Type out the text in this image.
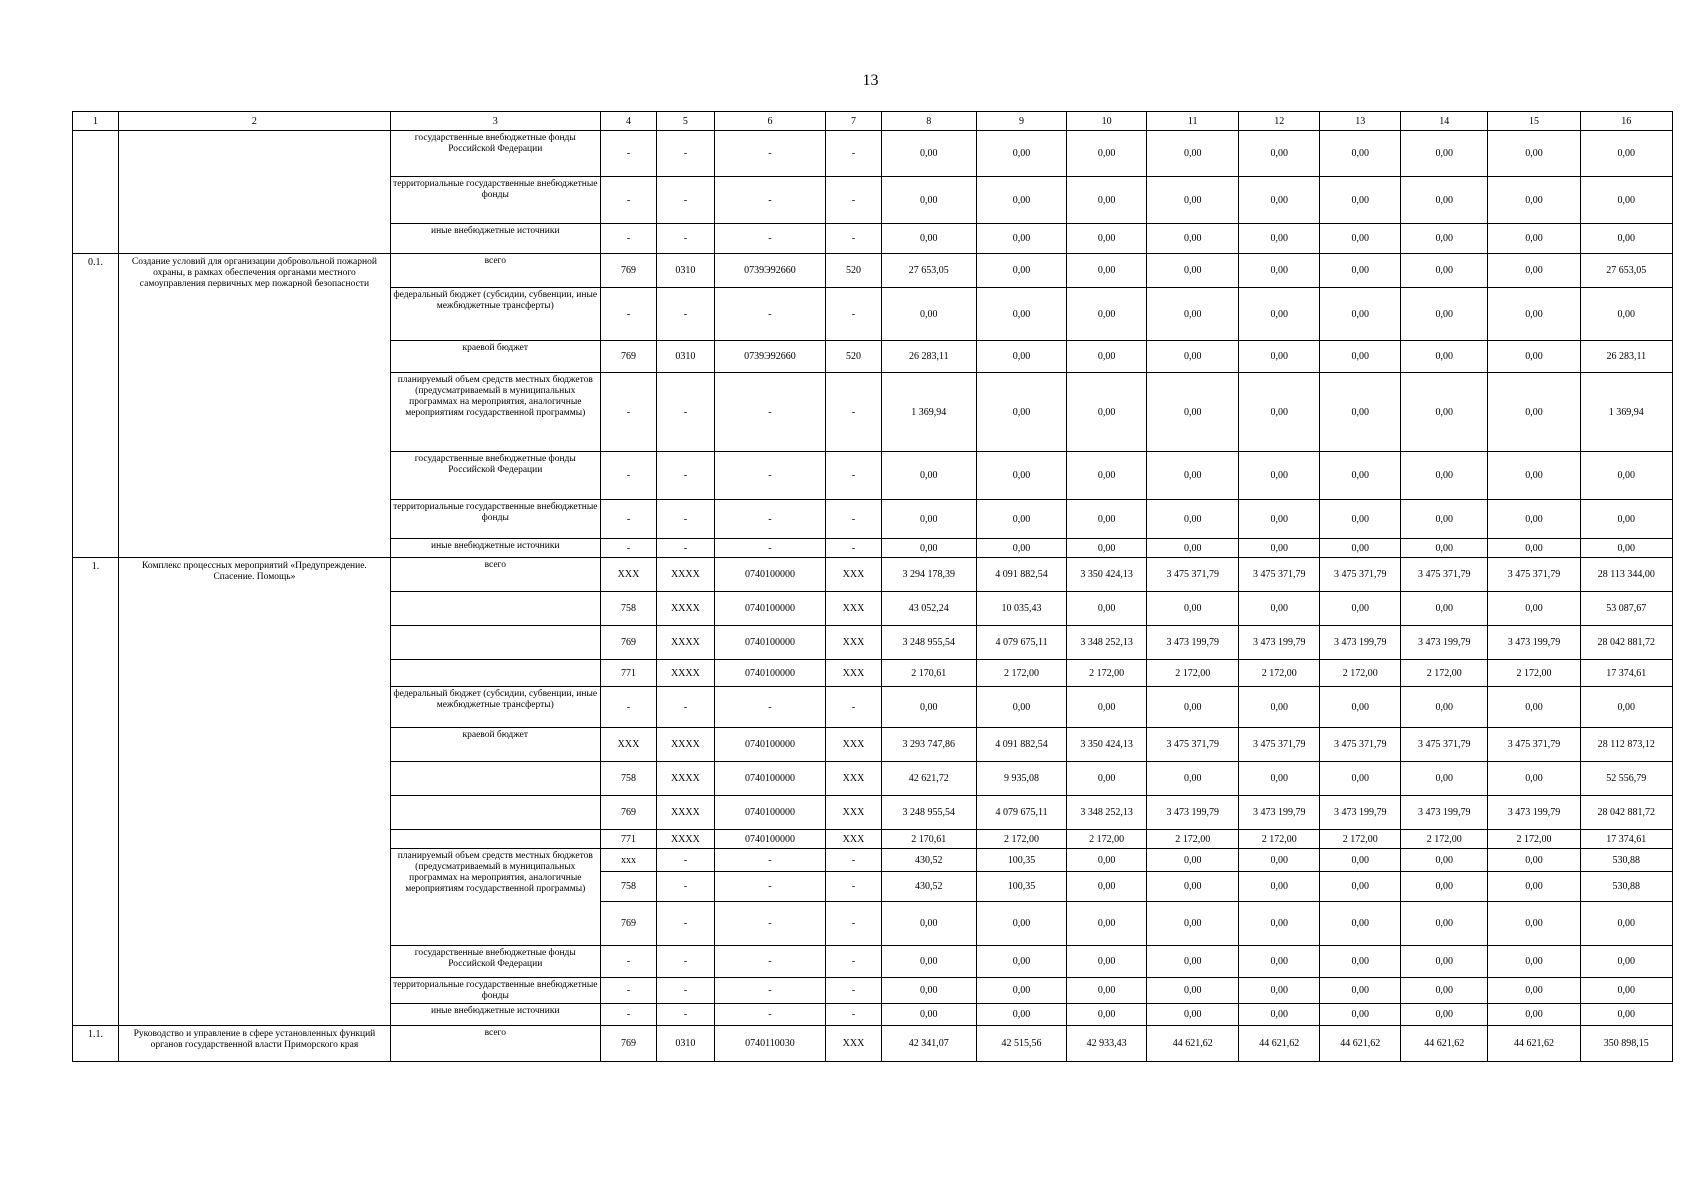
13
1	2	3	4	5	6	7	8	9	10	11	12	13	14	15	16
		государственные внебюджетные фонды Российской Федерации	-	-	-	-	0,00	0,00	0,00	0,00	0,00	0,00	0,00	0,00	0,00
		территориальные государственные внебюджетные фонды	-	-	-	-	0,00	0,00	0,00	0,00	0,00	0,00	0,00	0,00	0,00
		иные внебюджетные источники	-	-	-	-	0,00	0,00	0,00	0,00	0,00	0,00	0,00	0,00	0,00
0.1.	Создание условий для организации добровольной пожарной охраны, в рамках обеспечения органами местного самоуправления первичных мер пожарной безопасности	всего	769	0310	0739Э92660	520	27 653,05	0,00	0,00	0,00	0,00	0,00	0,00	0,00	27 653,05
		федеральный бюджет (субсидии, субвенции, иные межбюджетные трансферты)	-	-	-	-	0,00	0,00	0,00	0,00	0,00	0,00	0,00	0,00	0,00
		краевой бюджет	769	0310	0739Э92660	520	26 283,11	0,00	0,00	0,00	0,00	0,00	0,00	0,00	26 283,11
		планируемый объем средств местных бюджетов (предусматриваемый в муниципальных программах на мероприятия, аналогичные мероприятиям государственной программы)	-	-	-	-	1 369,94	0,00	0,00	0,00	0,00	0,00	0,00	0,00	1 369,94
		государственные внебюджетные фонды Российской Федерации	-	-	-	-	0,00	0,00	0,00	0,00	0,00	0,00	0,00	0,00	0,00
		территориальные государственные внебюджетные фонды	-	-	-	-	0,00	0,00	0,00	0,00	0,00	0,00	0,00	0,00	0,00
		иные внебюджетные источники	-	-	-	-	0,00	0,00	0,00	0,00	0,00	0,00	0,00	0,00	0,00
1.	Комплекс процессных мероприятий «Предупреждение. Спасение. Помощь»	всего	ХХХ	ХХХХ	0740100000	ХХХ	3 294 178,39	4 091 882,54	3 350 424,13	3 475 371,79	3 475 371,79	3 475 371,79	3 475 371,79	3 475 371,79	28 113 344,00
			758	ХХХХ	0740100000	ХХХ	43 052,24	10 035,43	0,00	0,00	0,00	0,00	0,00	0,00	53 087,67
			769	ХХХХ	0740100000	ХХХ	3 248 955,54	4 079 675,11	3 348 252,13	3 473 199,79	3 473 199,79	3 473 199,79	3 473 199,79	3 473 199,79	28 042 881,72
			771	ХХХХ	0740100000	ХХХ	2 170,61	2 172,00	2 172,00	2 172,00	2 172,00	2 172,00	2 172,00	2 172,00	17 374,61
		федеральный бюджет (субсидии, субвенции, иные межбюджетные трансферты)	-	-	-	-	0,00	0,00	0,00	0,00	0,00	0,00	0,00	0,00	0,00
		краевой бюджет	ХХХ	ХХХХ	0740100000	ХХХ	3 293 747,86	4 091 882,54	3 350 424,13	3 475 371,79	3 475 371,79	3 475 371,79	3 475 371,79	3 475 371,79	28 112 873,12
			758	ХХХХ	0740100000	ХХХ	42 621,72	9 935,08	0,00	0,00	0,00	0,00	0,00	0,00	52 556,79
			769	ХХХХ	0740100000	ХХХ	3 248 955,54	4 079 675,11	3 348 252,13	3 473 199,79	3 473 199,79	3 473 199,79	3 473 199,79	3 473 199,79	28 042 881,72
			771	ХХХХ	0740100000	ХХХ	2 170,61	2 172,00	2 172,00	2 172,00	2 172,00	2 172,00	2 172,00	2 172,00	17 374,61
		планируемый объем средств местных бюджетов (предусматриваемый в муниципальных программах на мероприятия, аналогичные мероприятиям государственной программы)	ххх	-	-	-	430,52	100,35	0,00	0,00	0,00	0,00	0,00	0,00	530,88
			758	-	-	-	430,52	100,35	0,00	0,00	0,00	0,00	0,00	0,00	530,88
			769	-	-	-	0,00	0,00	0,00	0,00	0,00	0,00	0,00	0,00	0,00
		государственные внебюджетные фонды Российской Федерации	-	-	-	-	0,00	0,00	0,00	0,00	0,00	0,00	0,00	0,00	0,00
		территориальные государственные внебюджетные фонды	-	-	-	-	0,00	0,00	0,00	0,00	0,00	0,00	0,00	0,00	0,00
		иные внебюджетные источники	-	-	-	-	0,00	0,00	0,00	0,00	0,00	0,00	0,00	0,00	0,00
1.1.	Руководство и управление в сфере установленных функций органов государственной власти Приморского края	всего	769	0310	0740110030	ХХХ	42 341,07	42 515,56	42 933,43	44 621,62	44 621,62	44 621,62	44 621,62	44 621,62	350 898,15
